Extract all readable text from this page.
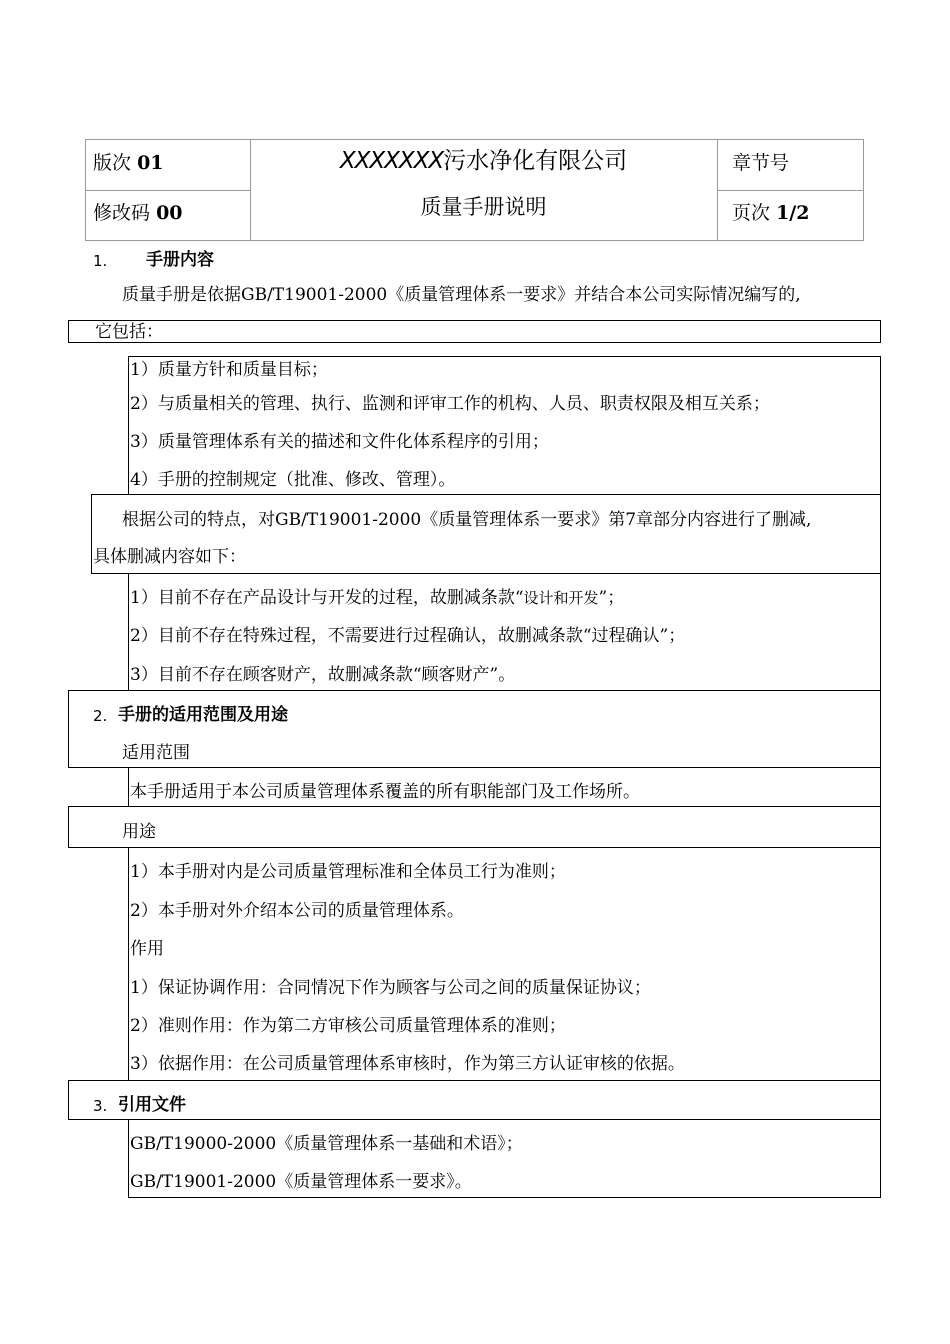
版次 01
修改码 00
XXXXXXX污水净化有限公司
质量手册说明
章节号
页次 1/2
1. 手册内容
质量手册是依据GB/T19001-2000《质量管理体系一要求》并结合本公司实际情况编写的,
它包括：
1）质量方针和质量目标；
2）与质量相关的管理、执行、监测和评审工作的机构、人员、职责权限及相互关系；
3）质量管理体系有关的描述和文件化体系程序的引用；
4）手册的控制规定（批准、修改、管理）。
根据公司的特点，对GB/T19001-2000《质量管理体系一要求》第7章部分内容进行了删减,
具体删减内容如下：
1）目前不存在产品设计与开发的过程，故删减条款“设计和开发”；
2）目前不存在特殊过程，不需要进行过程确认，故删减条款“过程确认”；
3）目前不存在顾客财产，故删减条款“顾客财产”。
2. 手册的适用范围及用途
适用范围
本手册适用于本公司质量管理体系覆盖的所有职能部门及工作场所。
用途
1）本手册对内是公司质量管理标准和全体员工行为准则；
2）本手册对外介绍本公司的质量管理体系。
作用
1）保证协调作用：合同情况下作为顾客与公司之间的质量保证协议；
2）准则作用：作为第二方审核公司质量管理体系的准则；
3）依据作用：在公司质量管理体系审核时，作为第三方认证审核的依据。
3. 引用文件
GB/T19000-2000《质量管理体系一基础和术语》；
GB/T19001-2000《质量管理体系一要求》。
